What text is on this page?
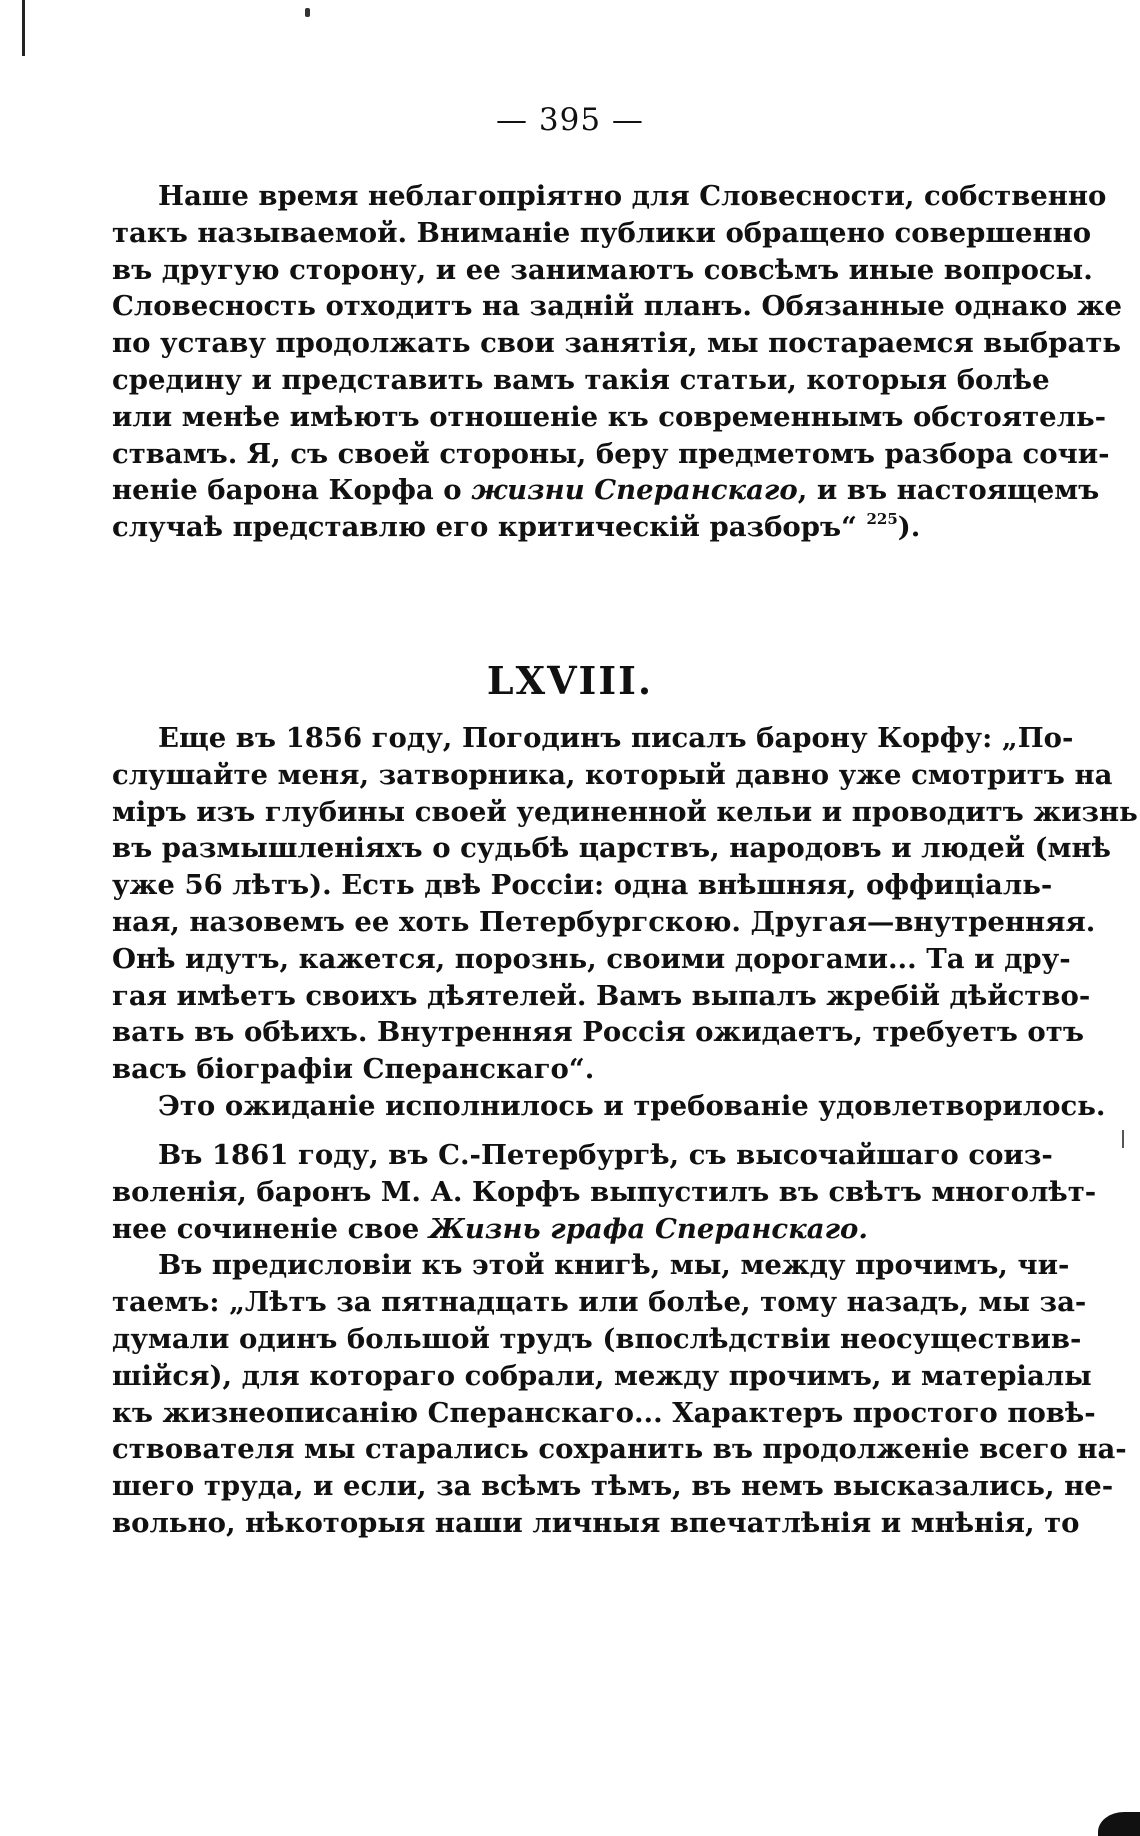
— 395 —
Наше время неблагопріятно для Словесности, собственно
такъ называемой. Вниманіе публики обращено совершенно
въ другую сторону, и ее занимаютъ совсѣмъ иные вопросы.
Словесность отходитъ на задній планъ. Обязанные однако же
по уставу продолжать свои занятія, мы постараемся выбрать
средину и представить вамъ такія статьи, которыя болѣе
или менѣе имѣютъ отношеніе къ современнымъ обстоятель-
ствамъ. Я, съ своей стороны, беру предметомъ разбора сочи-
неніе барона Корфа о жизни Сперанскаго, и въ настоящемъ
случаѣ представлю его критическій разборъ“ $^{225}$).
LXVIII.
Еще въ 1856 году, Погодинъ писалъ барону Корфу: „По-
слушайте меня, затворника, который давно уже смотритъ на
міръ изъ глубины своей уединенной кельи и проводитъ жизнь
въ размышленіяхъ о судьбѣ царствъ, народовъ и людей (мнѣ
уже 56 лѣтъ). Есть двѣ Россіи: одна внѣшняя, оффиціаль-
ная, назовемъ ее хоть Петербургскою. Другая—внутренняя.
Онѣ идутъ, кажется, порознь, своими дорогами... Та и дру-
гая имѣетъ своихъ дѣятелей. Вамъ выпалъ жребій дѣйство-
вать въ обѣихъ. Внутренняя Россія ожидаетъ, требуетъ отъ
васъ біографіи Сперанскаго“.
Это ожиданіе исполнилось и требованіе удовлетворилось.
Въ 1861 году, въ С.-Петербургѣ, съ высочайшаго соиз-
воленія, баронъ М. А. Корфъ выпустилъ въ свѣтъ многолѣт-
нее сочиненіе свое Жизнь графа Сперанскаго.
Въ предисловіи къ этой книгѣ, мы, между прочимъ, чи-
таемъ: „Лѣтъ за пятнадцать или болѣе, тому назадъ, мы за-
думали одинъ большой трудъ (впослѣдствіи неосуществив-
шійся), для котораго собрали, между прочимъ, и матеріалы
къ жизнеописанію Сперанскаго... Характеръ простого повѣ-
ствователя мы старались сохранить въ продолженіе всего на-
шего труда, и если, за всѣмъ тѣмъ, въ немъ высказались, не-
вольно, нѣкоторыя наши личныя впечатлѣнія и мнѣнія, то
